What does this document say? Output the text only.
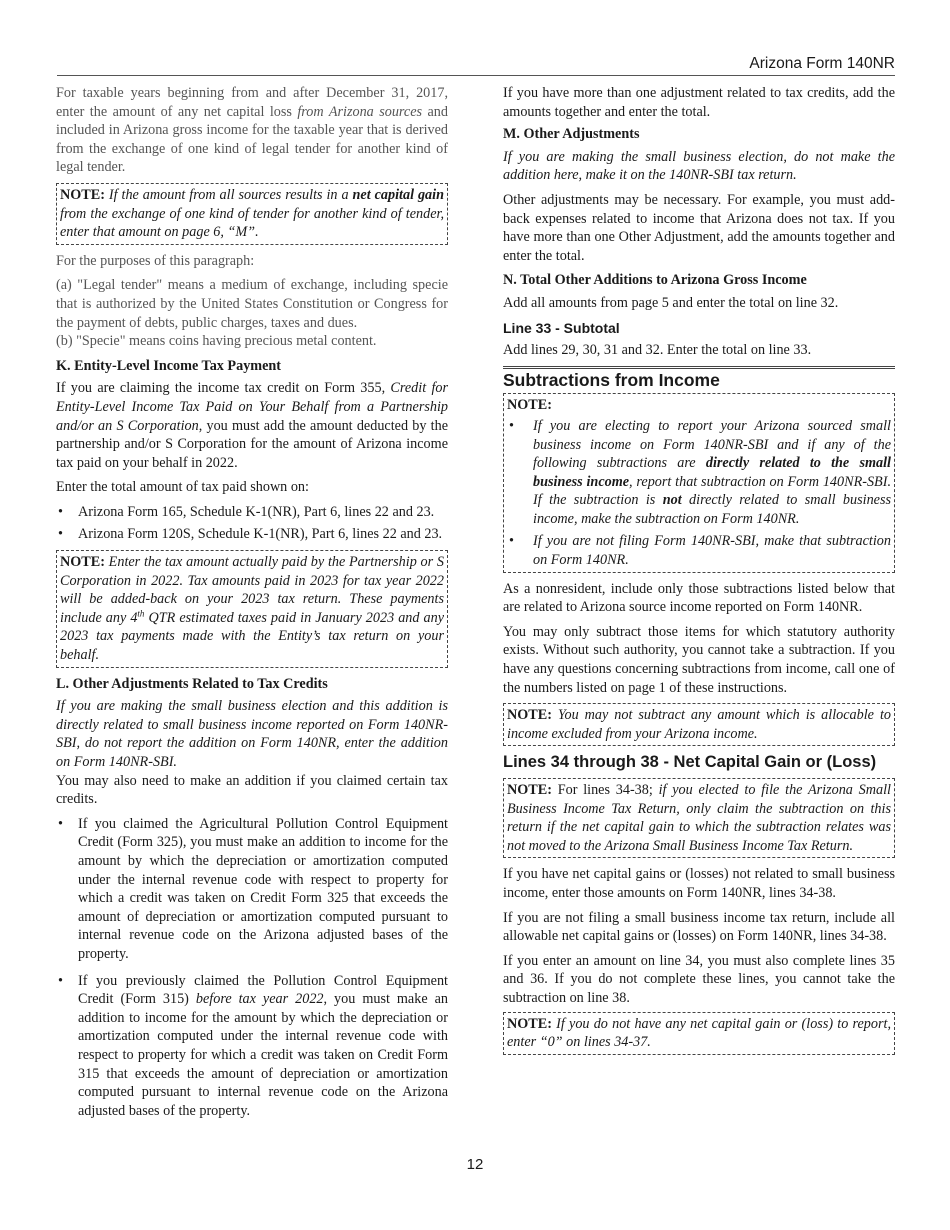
Arizona Form 140NR

For taxable years beginning from and after December 31, 2017, enter the amount of any net capital loss from Arizona sources and included in Arizona gross income for the taxable year that is derived from the exchange of one kind of legal tender for another kind of legal tender.

NOTE: If the amount from all sources results in a net capital gain from the exchange of one kind of tender for another kind of tender, enter that amount on page 6, “M”.

For the purposes of this paragraph:

(a) "Legal tender" means a medium of exchange, including specie that is authorized by the United States Constitution or Congress for the payment of debts, public charges, taxes and dues.

(b) "Specie" means coins having precious metal content.

K. Entity-Level Income Tax Payment

If you are claiming the income tax credit on Form 355, Credit for Entity-Level Income Tax Paid on Your Behalf from a Partnership and/or an S Corporation, you must add the amount deducted by the partnership and/or S Corporation for the amount of Arizona income tax paid on your behalf in 2022.

Enter the total amount of tax paid shown on:

• Arizona Form 165, Schedule K-1(NR), Part 6, lines 22 and 23.
• Arizona Form 120S, Schedule K-1(NR), Part 6, lines 22 and 23.

NOTE: Enter the tax amount actually paid by the Partnership or S Corporation in 2022. Tax amounts paid in 2023 for tax year 2022 will be added-back on your 2023 tax return. These payments include any 4th QTR estimated taxes paid in January 2023 and any 2023 tax payments made with the Entity’s tax return on your behalf.

L. Other Adjustments Related to Tax Credits

If you are making the small business election and this addition is directly related to small business income reported on Form 140NR-SBI, do not report the addition on Form 140NR, enter the addition on Form 140NR-SBI.

You may also need to make an addition if you claimed certain tax credits.

• If you claimed the Agricultural Pollution Control Equipment Credit (Form 325), you must make an addition to income for the amount by which the depreciation or amortization computed under the internal revenue code with respect to property for which a credit was taken on Credit Form 325 that exceeds the amount of depreciation or amortization computed pursuant to internal revenue code on the Arizona adjusted bases of the property.
• If you previously claimed the Pollution Control Equipment Credit (Form 315) before tax year 2022, you must make an addition to income for the amount by which the depreciation or amortization computed under the internal revenue code with respect to property for which a credit was taken on Credit Form 315 that exceeds the amount of depreciation or amortization computed pursuant to internal revenue code on the Arizona adjusted bases of the property.

If you have more than one adjustment related to tax credits, add the amounts together and enter the total.

M. Other Adjustments

If you are making the small business election, do not make the addition here, make it on the 140NR-SBI tax return.

Other adjustments may be necessary. For example, you must add-back expenses related to income that Arizona does not tax. If you have more than one Other Adjustment, add the amounts together and enter the total.

N. Total Other Additions to Arizona Gross Income

Add all amounts from page 5 and enter the total on line 32.

Line 33 - Subtotal

Add lines 29, 30, 31 and 32. Enter the total on line 33.

Subtractions from Income

NOTE:

• If you are electing to report your Arizona sourced small business income on Form 140NR-SBI and if any of the following subtractions are directly related to the small business income, report that subtraction on Form 140NR-SBI. If the subtraction is not directly related to small business income, make the subtraction on Form 140NR.
• If you are not filing Form 140NR-SBI, make that subtraction on Form 140NR.

As a nonresident, include only those subtractions listed below that are related to Arizona source income reported on Form 140NR.

You may only subtract those items for which statutory authority exists. Without such authority, you cannot take a subtraction. If you have any questions concerning subtractions from income, call one of the numbers listed on page 1 of these instructions.

NOTE: You may not subtract any amount which is allocable to income excluded from your Arizona income.

Lines 34 through 38 - Net Capital Gain or (Loss)

NOTE: For lines 34-38; if you elected to file the Arizona Small Business Income Tax Return, only claim the subtraction on this return if the net capital gain to which the subtraction relates was not moved to the Arizona Small Business Income Tax Return.

If you have net capital gains or (losses) not related to small business income, enter those amounts on Form 140NR, lines 34-38.

If you are not filing a small business income tax return, include all allowable net capital gains or (losses) on Form 140NR, lines 34-38.

If you enter an amount on line 34, you must also complete lines 35 and 36. If you do not complete these lines, you cannot take the subtraction on line 38.

NOTE: If you do not have any net capital gain or (loss) to report, enter “0” on lines 34-37.

12
